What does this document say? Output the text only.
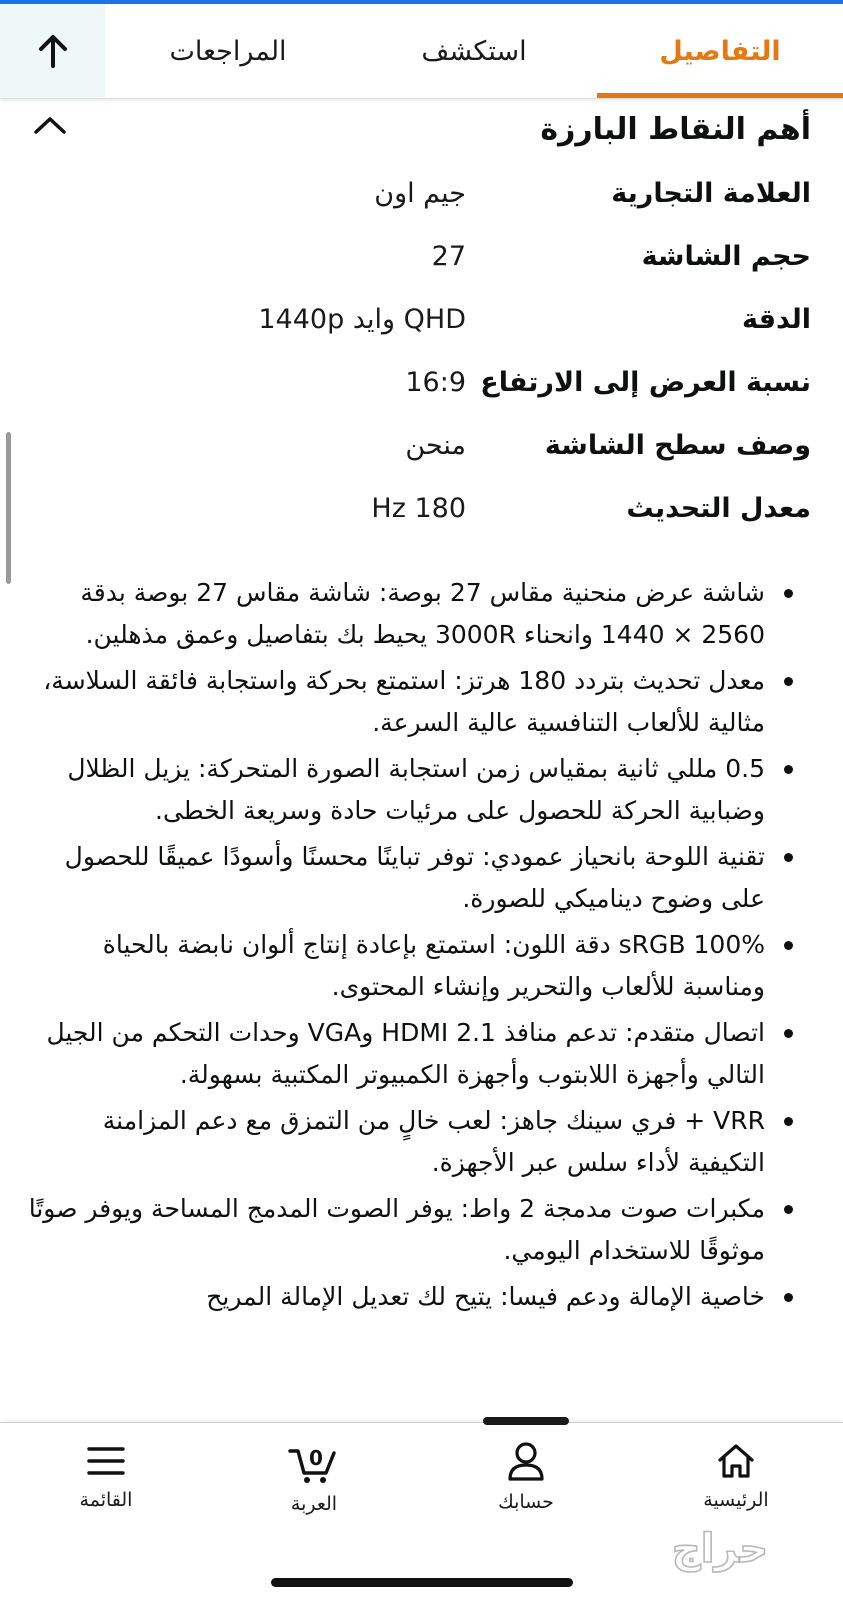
التفاصيل
استكشف
المراجعات
أهم النقاط البارزة
العلامة التجارية
جيم اون
حجم الشاشة
27
الدقة
QHD وايد 1440p
نسبة العرض إلى الارتفاع
16:9
وصف سطح الشاشة
منحن
معدل التحديث
Hz 180
شاشة عرض منحنية مقاس 27 بوصة: شاشة مقاس 27 بوصة بدقة 2560 × 1440 وانحناء 3000R يحيط بك بتفاصيل وعمق مذهلين.
معدل تحديث بتردد 180 هرتز: استمتع بحركة واستجابة فائقة السلاسة، مثالية للألعاب التنافسية عالية السرعة.
0.5 مللي ثانية بمقياس زمن استجابة الصورة المتحركة: يزيل الظلال وضبابية الحركة للحصول على مرئيات حادة وسريعة الخطى.
تقنية اللوحة بانحياز عمودي: توفر تباينًا محسنًا وأسودًا عميقًا للحصول على وضوح ديناميكي للصورة.
100% sRGB دقة اللون: استمتع بإعادة إنتاج ألوان نابضة بالحياة ومناسبة للألعاب والتحرير وإنشاء المحتوى.
اتصال متقدم: تدعم منافذ HDMI 2.1 وVGA وحدات التحكم من الجيل التالي وأجهزة اللابتوب وأجهزة الكمبيوتر المكتبية بسهولة.
VRR + فري سينك جاهز: لعب خالٍ من التمزق مع دعم المزامنة التكيفية لأداء سلس عبر الأجهزة.
مكبرات صوت مدمجة 2 واط: يوفر الصوت المدمج المساحة ويوفر صوتًا موثوقًا للاستخدام اليومي.
خاصية الإمالة ودعم فيسا: يتيح لك تعديل الإمالة المريح
الرئيسية
حسابك
0
العربة
القائمة
حراج
